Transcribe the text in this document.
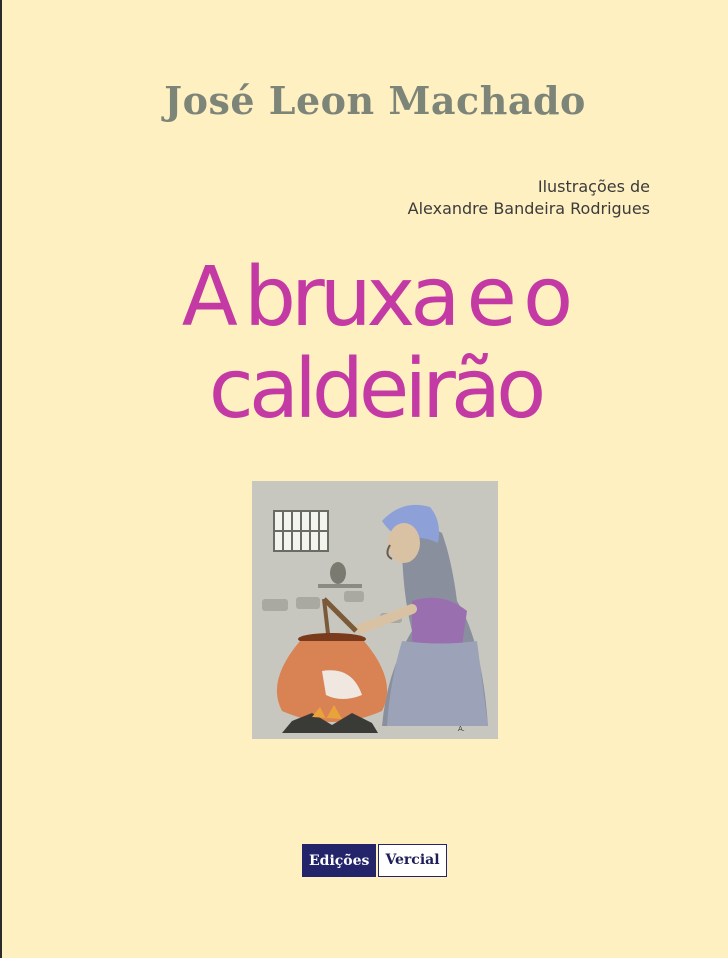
José Leon Machado
Ilustrações de
Alexandre Bandeira Rodrigues
A bruxa e o
caldeirão
A.
Edições	Vercial
